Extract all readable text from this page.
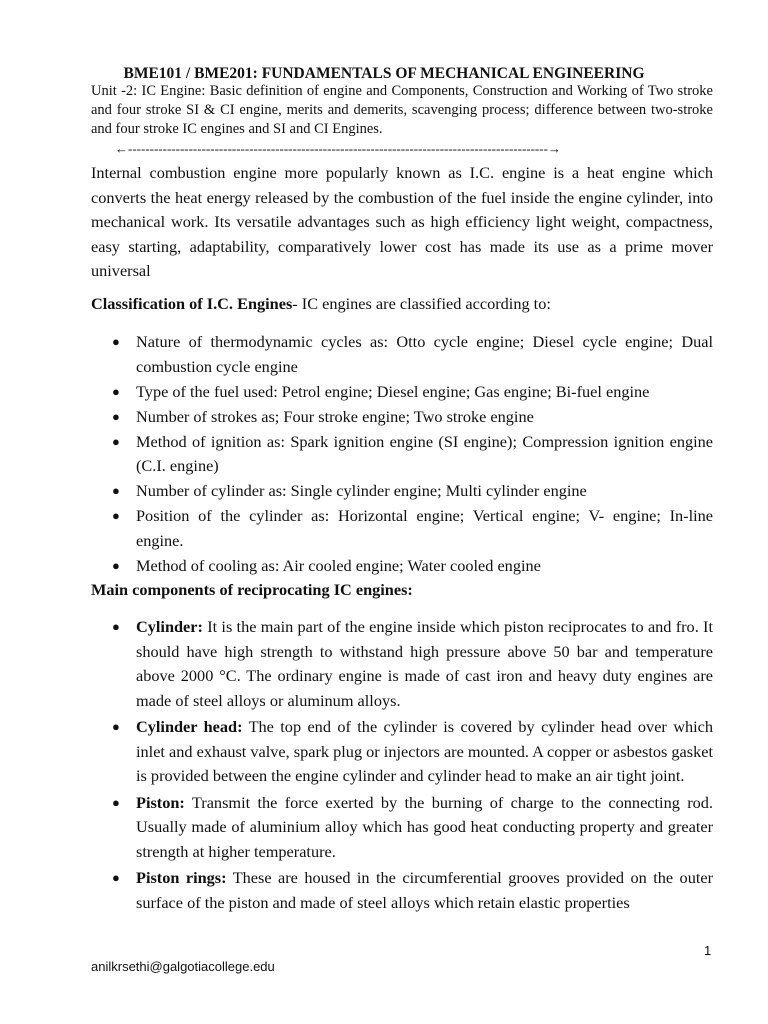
BME101 / BME201: FUNDAMENTALS OF MECHANICAL ENGINEERING
Unit -2: IC Engine: Basic definition of engine and Components, Construction and Working of Two stroke and four stroke SI & CI engine, merits and demerits, scavenging process; difference between two-stroke and four stroke IC engines and SI and CI Engines.
←-------------------------------------------------------------------------------------------------→
Internal combustion engine more popularly known as I.C. engine is a heat engine which converts the heat energy released by the combustion of the fuel inside the engine cylinder, into mechanical work. Its versatile advantages such as high efficiency light weight, compactness, easy starting, adaptability, comparatively lower cost has made its use as a prime mover universal
Classification of I.C. Engines- IC engines are classified according to:
● Nature of thermodynamic cycles as: Otto cycle engine; Diesel cycle engine; Dual combustion cycle engine
● Type of the fuel used: Petrol engine; Diesel engine; Gas engine; Bi-fuel engine
● Number of strokes as; Four stroke engine; Two stroke engine
● Method of ignition as: Spark ignition engine (SI engine); Compression ignition engine (C.I. engine)
● Number of cylinder as: Single cylinder engine; Multi cylinder engine
● Position of the cylinder as: Horizontal engine; Vertical engine; V- engine; In-line engine.
● Method of cooling as: Air cooled engine; Water cooled engine
Main components of reciprocating IC engines:
● Cylinder: It is the main part of the engine inside which piston reciprocates to and fro. It should have high strength to withstand high pressure above 50 bar and temperature above 2000 °C. The ordinary engine is made of cast iron and heavy duty engines are made of steel alloys or aluminum alloys.
● Cylinder head: The top end of the cylinder is covered by cylinder head over which inlet and exhaust valve, spark plug or injectors are mounted. A copper or asbestos gasket is provided between the engine cylinder and cylinder head to make an air tight joint.
● Piston: Transmit the force exerted by the burning of charge to the connecting rod. Usually made of aluminium alloy which has good heat conducting property and greater strength at higher temperature.
● Piston rings: These are housed in the circumferential grooves provided on the outer surface of the piston and made of steel alloys which retain elastic properties
1
anilkrsethi@galgotiacollege.edu
